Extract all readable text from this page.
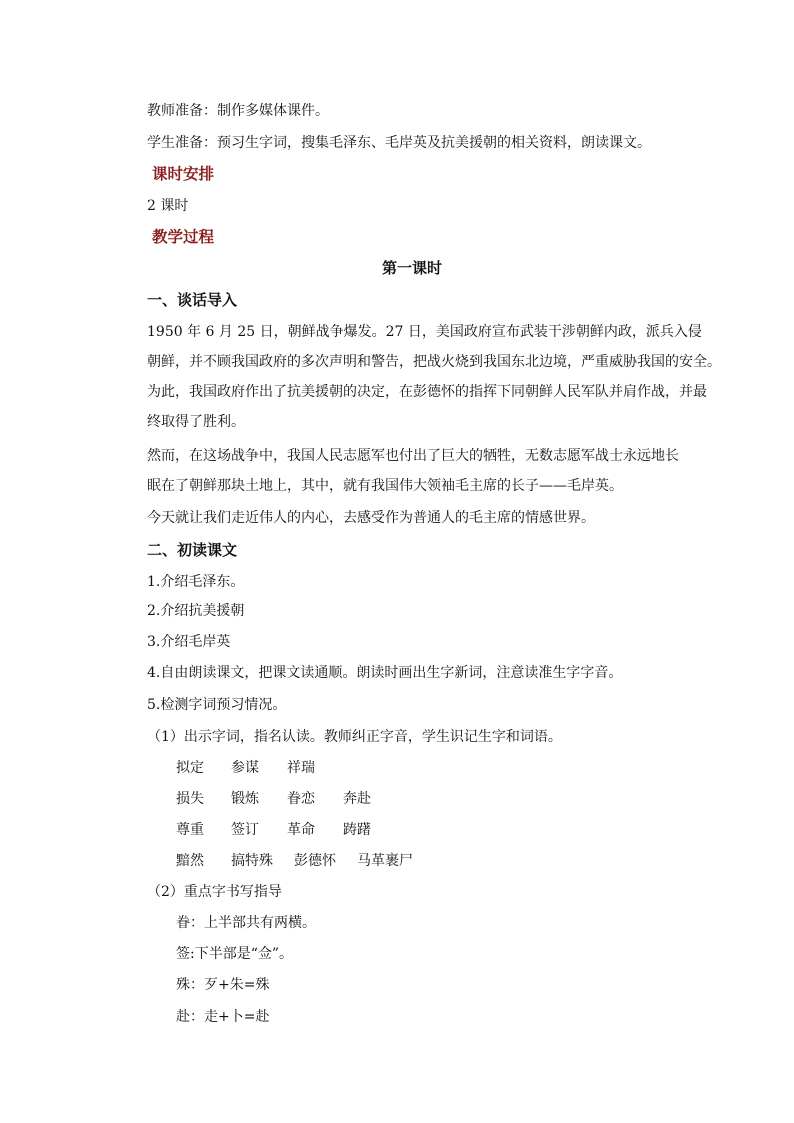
教师准备：制作多媒体课件。
学生准备：预习生字词，搜集毛泽东、毛岸英及抗美援朝的相关资料，朗读课文。
课时安排
2 课时
教学过程
第一课时
一、谈话导入
1950 年 6 月 25 日，朝鲜战争爆发。27 日，美国政府宣布武装干涉朝鲜内政，派兵入侵
朝鲜，并不顾我国政府的多次声明和警告，把战火烧到我国东北边境，严重威胁我国的安全。
为此，我国政府作出了抗美援朝的决定，在彭德怀的指挥下同朝鲜人民军队并肩作战，并最
终取得了胜利。
然而，在这场战争中，我国人民志愿军也付出了巨大的牺牲，无数志愿军战士永远地长
眠在了朝鲜那块土地上，其中，就有我国伟大领袖毛主席的长子——毛岸英。
今天就让我们走近伟人的内心，去感受作为普通人的毛主席的情感世界。
二、初读课文
1.介绍毛泽东。
2.介绍抗美援朝
3.介绍毛岸英
4.自由朗读课文，把课文读通顺。朗读时画出生字新词，注意读准生字字音。
5.检测字词预习情况。
（1）出示字词，指名认读。教师纠正字音，学生识记生字和词语。
拟定 参谋 祥瑞
损失 锻炼 眷恋 奔赴
尊重 签订 革命 踌躇
黯然 搞特殊 彭德怀 马革裹尸
（2）重点字书写指导
眷：上半部共有两横。
签:下半部是“佥”。
殊：歹+朱=殊
赴：走+卜=赴
